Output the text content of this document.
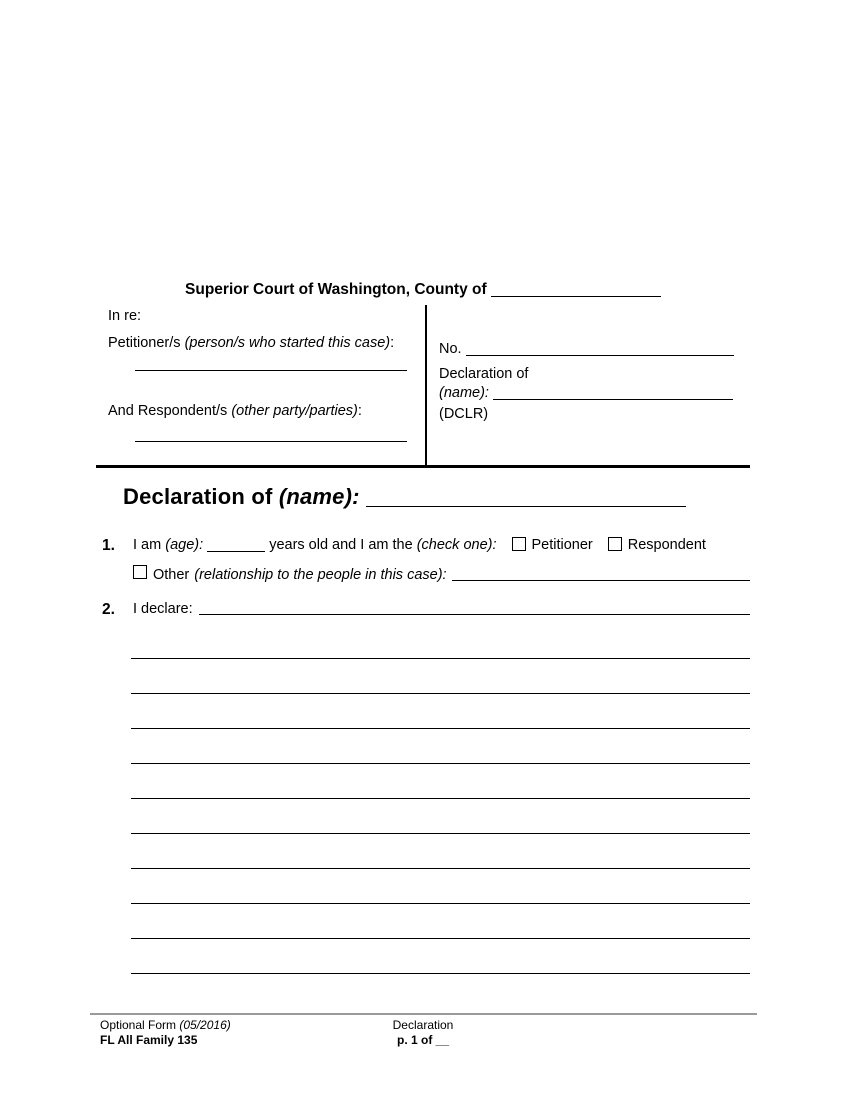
Superior Court of Washington, County of
In re:
Petitioner/s (person/s who started this case):
And Respondent/s (other party/parties):
No.
Declaration of
(name):
(DCLR)
Declaration of (name):
1. I am (age):	years old and I am the (check one): Petitioner Respondent
Other (relationship to the people in this case):
2. I declare:
Optional Form (05/2016)
FL All Family 135
Declaration
p. 1 of __
